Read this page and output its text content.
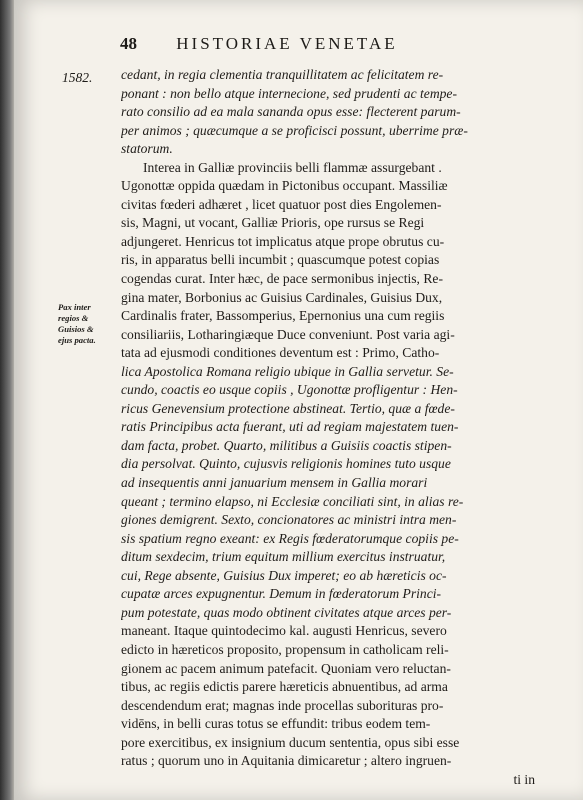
48 HISTORIAE VENETAE
1582.
Pax inter
regios &
Guisios &
ejus pacta.
cedant, in regia clementia tranquillitatem ac felicitatem re-
ponant : non bello atque internecione, sed prudenti ac tempe-
rato consilio ad ea mala sananda opus esse: flecterent parum-
per animos ; quæcumque a se proficisci possunt, uberrime præ-
statorum.
Interea in Galliæ provinciis belli flammæ assurgebant .
Ugonottæ oppida quædam in Pictonibus occupant. Massiliæ
civitas fœderi adhæret , licet quatuor post dies Engolemen-
sis, Magni, ut vocant, Galliæ Prioris, ope rursus se Regi
adjungeret. Henricus tot implicatus atque prope obrutus cu-
ris, in apparatus belli incumbit ; quascumque potest copias
cogendas curat. Inter hæc, de pace sermonibus injectis, Re-
gina mater, Borbonius ac Guisius Cardinales, Guisius Dux,
Cardinalis frater, Bassomperius, Epernonius una cum regiis
consiliariis, Lotharingiæque Duce conveniunt. Post varia agi-
tata ad ejusmodi conditiones deventum est : Primo, Catho-
lica Apostolica Romana religio ubique in Gallia servetur. Se-
cundo, coactis eo usque copiis , Ugonottæ profligentur : Hen-
ricus Genevensium protectione abstineat. Tertio, quæ a fœde-
ratis Principibus acta fuerant, uti ad regiam majestatem tuen-
dam facta, probet. Quarto, militibus a Guisiis coactis stipen-
dia persolvat. Quinto, cujusvis religionis homines tuto usque
ad insequentis anni januarium mensem in Gallia morari
queant ; termino elapso, ni Ecclesiæ conciliati sint, in alias re-
giones demigrent. Sexto, concionatores ac ministri intra men-
sis spatium regno exeant: ex Regis fœderatorumque copiis pe-
ditum sexdecim, trium equitum millium exercitus instruatur,
cui, Rege absente, Guisius Dux imperet; eo ab hæreticis oc-
cupatæ arces expugnentur. Demum in fœderatorum Princi-
pum potestate, quas modo obtinent civitates atque arces per-
maneant. Itaque quintodecimo kal. augusti Henricus, severo
edicto in hæreticos proposito, propensum in catholicam reli-
gionem ac pacem animum patefacit. Quoniam vero reluctan-
tibus, ac regiis edictis parere hæreticis abnuentibus, ad arma
descendendum erat; magnas inde procellas suborituras pro-
vidēns, in belli curas totus se effundit: tribus eodem tem-
pore exercitibus, ex insignium ducum sententia, opus sibi esse
ratus ; quorum uno in Aquitania dimicaretur ; altero ingruen-
ti in
